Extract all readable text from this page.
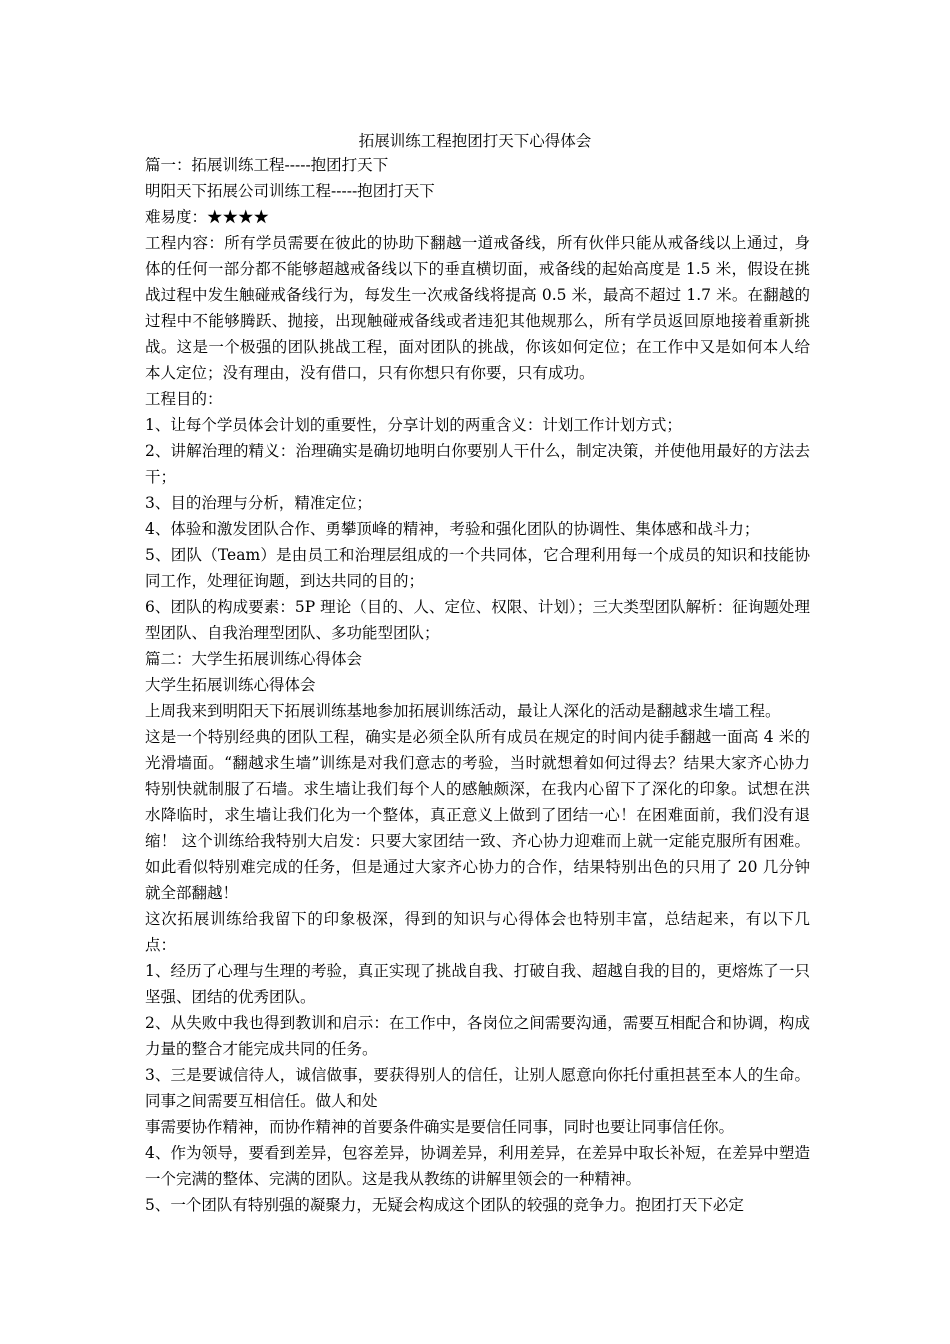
拓展训练工程抱团打天下心得体会

篇一：拓展训练工程-----抱团打天下

明阳天下拓展公司训练工程-----抱团打天下

难易度：★★★★

工程内容：所有学员需要在彼此的协助下翻越一道戒备线，所有伙伴只能从戒备线以上通过，身体的任何一部分都不能够超越戒备线以下的垂直横切面，戒备线的起始高度是 1.5 米，假设在挑战过程中发生触碰戒备线行为，每发生一次戒备线将提高 0.5 米，最高不超过 1.7 米。在翻越的过程中不能够腾跃、抛接，出现触碰戒备线或者违犯其他规那么，所有学员返回原地接着重新挑战。这是一个极强的团队挑战工程，面对团队的挑战，你该如何定位；在工作中又是如何本人给本人定位；没有理由，没有借口，只有你想只有你要，只有成功。

工程目的：

1、让每个学员体会计划的重要性，分享计划的两重含义：计划工作计划方式；

2、讲解治理的精义：治理确实是确切地明白你要别人干什么，制定决策，并使他用最好的方法去干；

3、目的治理与分析，精准定位；

4、体验和激发团队合作、勇攀顶峰的精神，考验和强化团队的协调性、集体感和战斗力；

5、团队（Team）是由员工和治理层组成的一个共同体，它合理利用每一个成员的知识和技能协同工作，处理征询题，到达共同的目的；

6、团队的构成要素：5P 理论（目的、人、定位、权限、计划）；三大类型团队解析：征询题处理型团队、自我治理型团队、多功能型团队；

篇二：大学生拓展训练心得体会

大学生拓展训练心得体会

上周我来到明阳天下拓展训练基地参加拓展训练活动，最让人深化的活动是翻越求生墙工程。

这是一个特别经典的团队工程，确实是必须全队所有成员在规定的时间内徒手翻越一面高 4 米的光滑墙面。“翻越求生墙”训练是对我们意志的考验，当时就想着如何过得去？结果大家齐心协力特别快就制服了石墙。求生墙让我们每个人的感触颇深，在我内心留下了深化的印象。试想在洪水降临时，求生墙让我们化为一个整体，真正意义上做到了团结一心！在困难面前，我们没有退缩！ 这个训练给我特别大启发：只要大家团结一致、齐心协力迎难而上就一定能克服所有困难。如此看似特别难完成的任务，但是通过大家齐心协力的合作，结果特别出色的只用了 20 几分钟就全部翻越！

这次拓展训练给我留下的印象极深，得到的知识与心得体会也特别丰富，总结起来，有以下几点：

1、经历了心理与生理的考验，真正实现了挑战自我、打破自我、超越自我的目的，更熔炼了一只坚强、团结的优秀团队。

2、从失败中我也得到教训和启示：在工作中，各岗位之间需要沟通，需要互相配合和协调，构成力量的整合才能完成共同的任务。

3、三是要诚信待人，诚信做事，要获得别人的信任，让别人愿意向你托付重担甚至本人的生命。同事之间需要互相信任。做人和处

事需要协作精神，而协作精神的首要条件确实是要信任同事，同时也要让同事信任你。

4、作为领导，要看到差异，包容差异，协调差异，利用差异，在差异中取长补短，在差异中塑造一个完满的整体、完满的团队。这是我从教练的讲解里领会的一种精神。

5、一个团队有特别强的凝聚力，无疑会构成这个团队的较强的竞争力。抱团打天下必定
